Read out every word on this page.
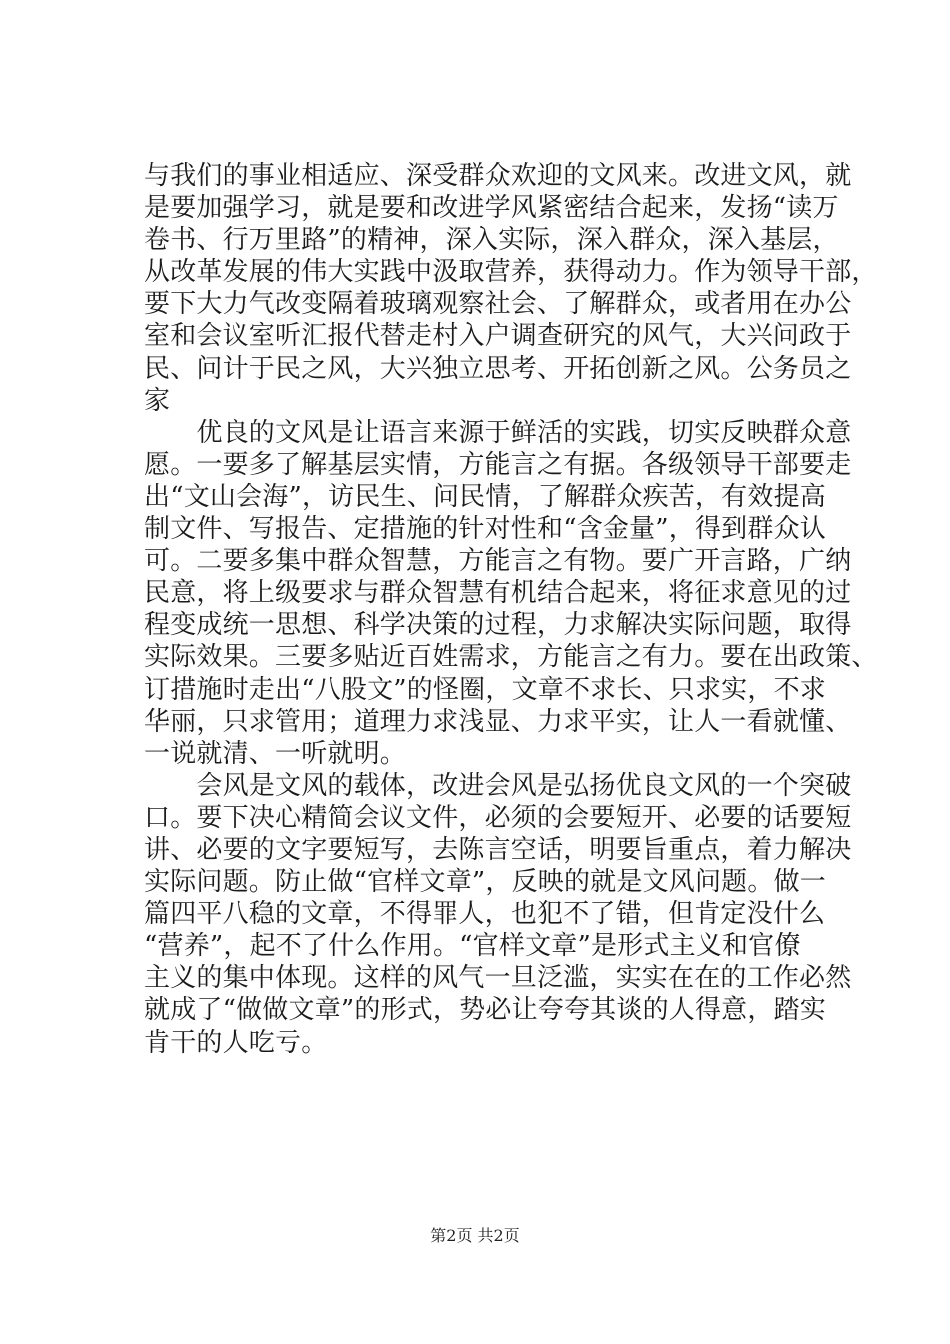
与我们的事业相适应、深受群众欢迎的文风来。改进文风，就
是要加强学习，就是要和改进学风紧密结合起来，发扬“读万
卷书、行万里路”的精神，深入实际，深入群众，深入基层，
从改革发展的伟大实践中汲取营养，获得动力。作为领导干部，
要下大力气改变隔着玻璃观察社会、了解群众，或者用在办公
室和会议室听汇报代替走村入户调查研究的风气，大兴问政于
民、问计于民之风，大兴独立思考、开拓创新之风。公务员之
家
　　优良的文风是让语言来源于鲜活的实践，切实反映群众意
愿。一要多了解基层实情，方能言之有据。各级领导干部要走
出“文山会海”，访民生、问民情，了解群众疾苦，有效提高
制文件、写报告、定措施的针对性和“含金量”，得到群众认
可。二要多集中群众智慧，方能言之有物。要广开言路，广纳
民意，将上级要求与群众智慧有机结合起来，将征求意见的过
程变成统一思想、科学决策的过程，力求解决实际问题，取得
实际效果。三要多贴近百姓需求，方能言之有力。要在出政策、
订措施时走出“八股文”的怪圈，文章不求长、只求实，不求
华丽，只求管用；道理力求浅显、力求平实，让人一看就懂、
一说就清、一听就明。
　　会风是文风的载体，改进会风是弘扬优良文风的一个突破
口。要下决心精简会议文件，必须的会要短开、必要的话要短
讲、必要的文字要短写，去陈言空话，明要旨重点，着力解决
实际问题。防止做“官样文章”，反映的就是文风问题。做一
篇四平八稳的文章，不得罪人，也犯不了错，但肯定没什么
“营养”，起不了什么作用。“官样文章”是形式主义和官僚
主义的集中体现。这样的风气一旦泛滥，实实在在的工作必然
就成了“做做文章”的形式，势必让夸夸其谈的人得意，踏实
肯干的人吃亏。
第2页 共2页
